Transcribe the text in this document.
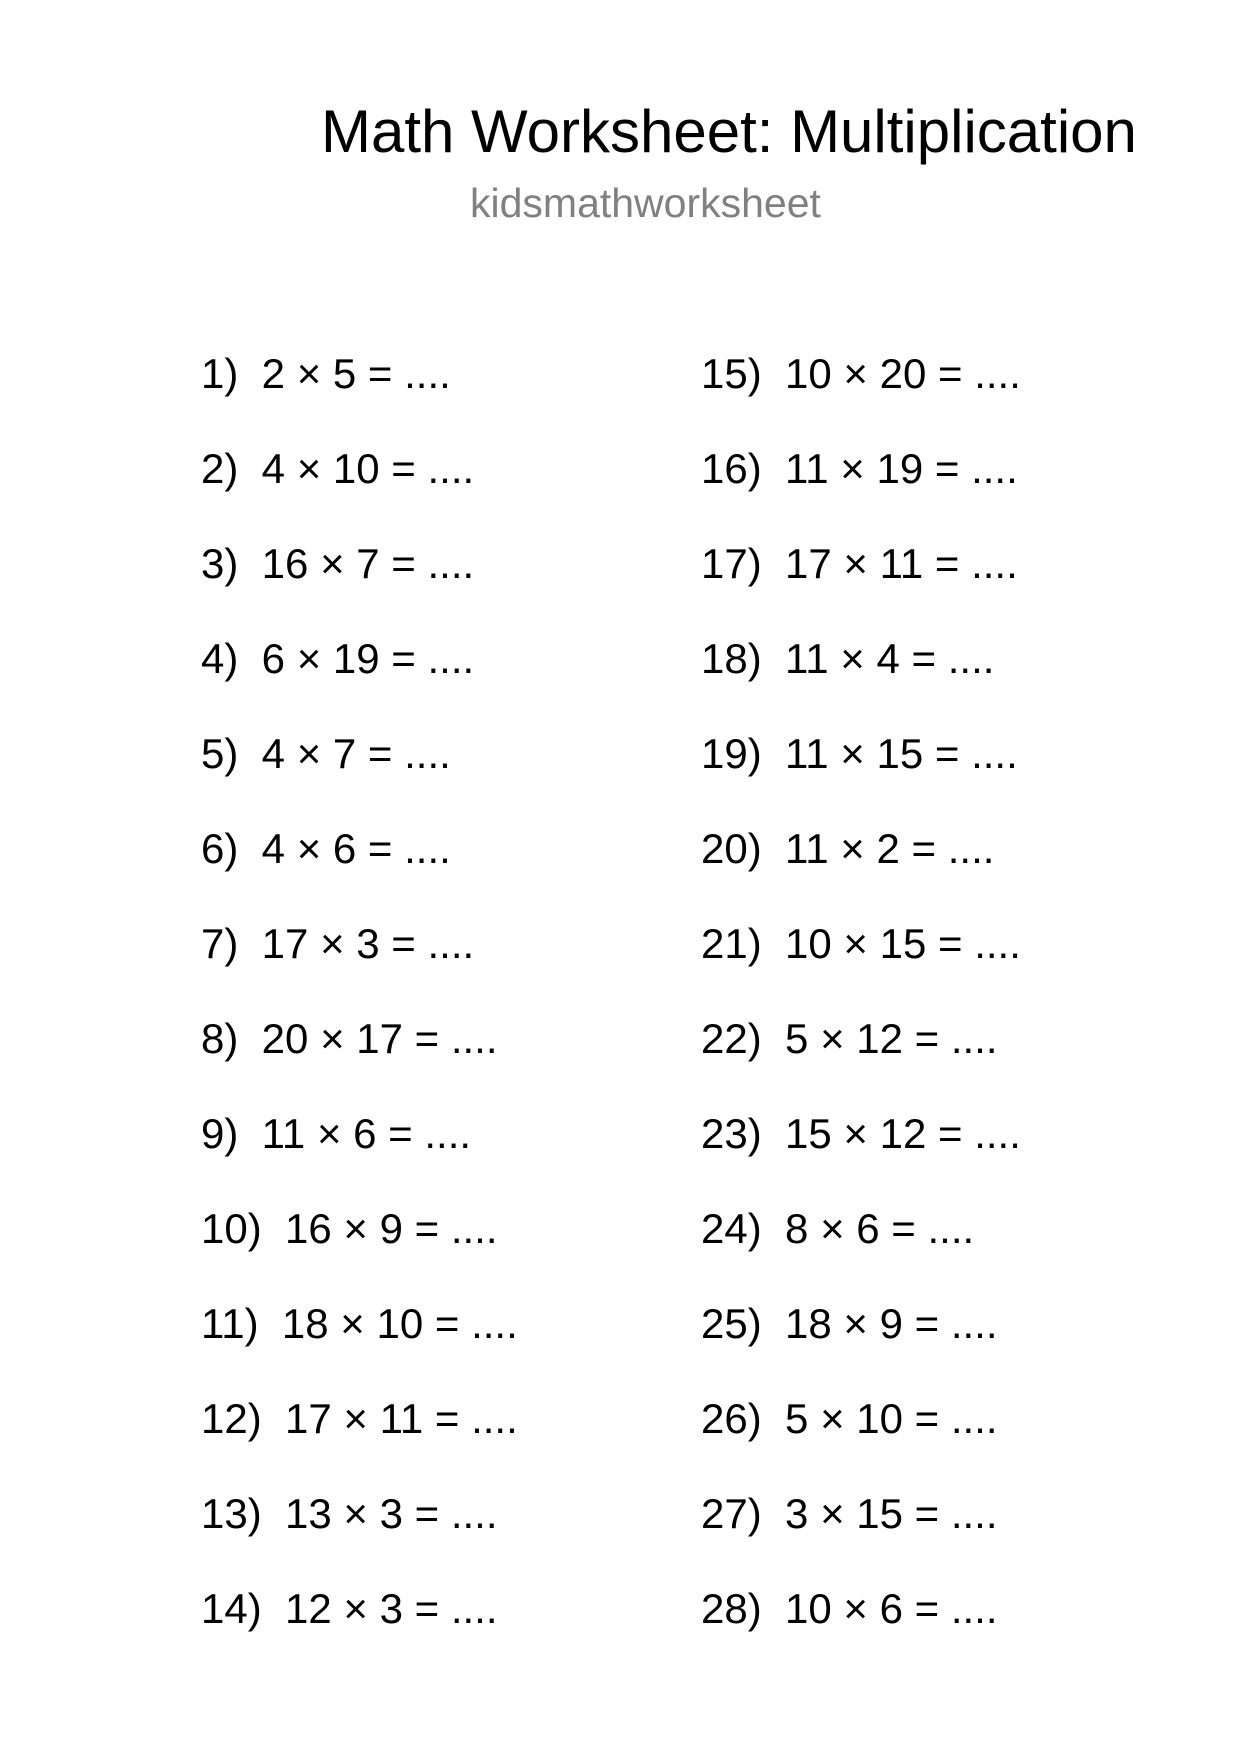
Math Worksheet: Multiplication
kidsmathworksheet
1)  2 × 5 = ....
2)  4 × 10 = ....
3)  16 × 7 = ....
4)  6 × 19 = ....
5)  4 × 7 = ....
6)  4 × 6 = ....
7)  17 × 3 = ....
8)  20 × 17 = ....
9)  11 × 6 = ....
10)  16 × 9 = ....
11)  18 × 10 = ....
12)  17 × 11 = ....
13)  13 × 3 = ....
14)  12 × 3 = ....
15)  10 × 20 = ....
16)  11 × 19 = ....
17)  17 × 11 = ....
18)  11 × 4 = ....
19)  11 × 15 = ....
20)  11 × 2 = ....
21)  10 × 15 = ....
22)  5 × 12 = ....
23)  15 × 12 = ....
24)  8 × 6 = ....
25)  18 × 9 = ....
26)  5 × 10 = ....
27)  3 × 15 = ....
28)  10 × 6 = ....
